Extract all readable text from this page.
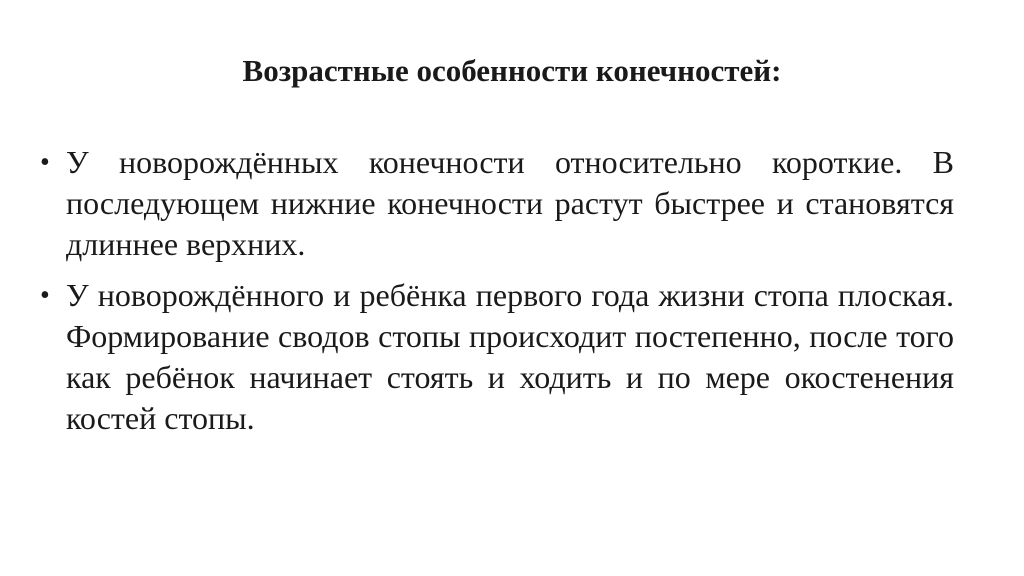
Возрастные особенности конечностей:
• У новорождённых конечности относительно короткие. В последующем нижние конечности растут быстрее и становятся длиннее верхних.
• У новорождённого и ребёнка первого года жизни стопа плоская. Формирование сводов стопы происходит постепенно, после того как ребёнок начинает стоять и ходить и по мере окостенения костей стопы.
